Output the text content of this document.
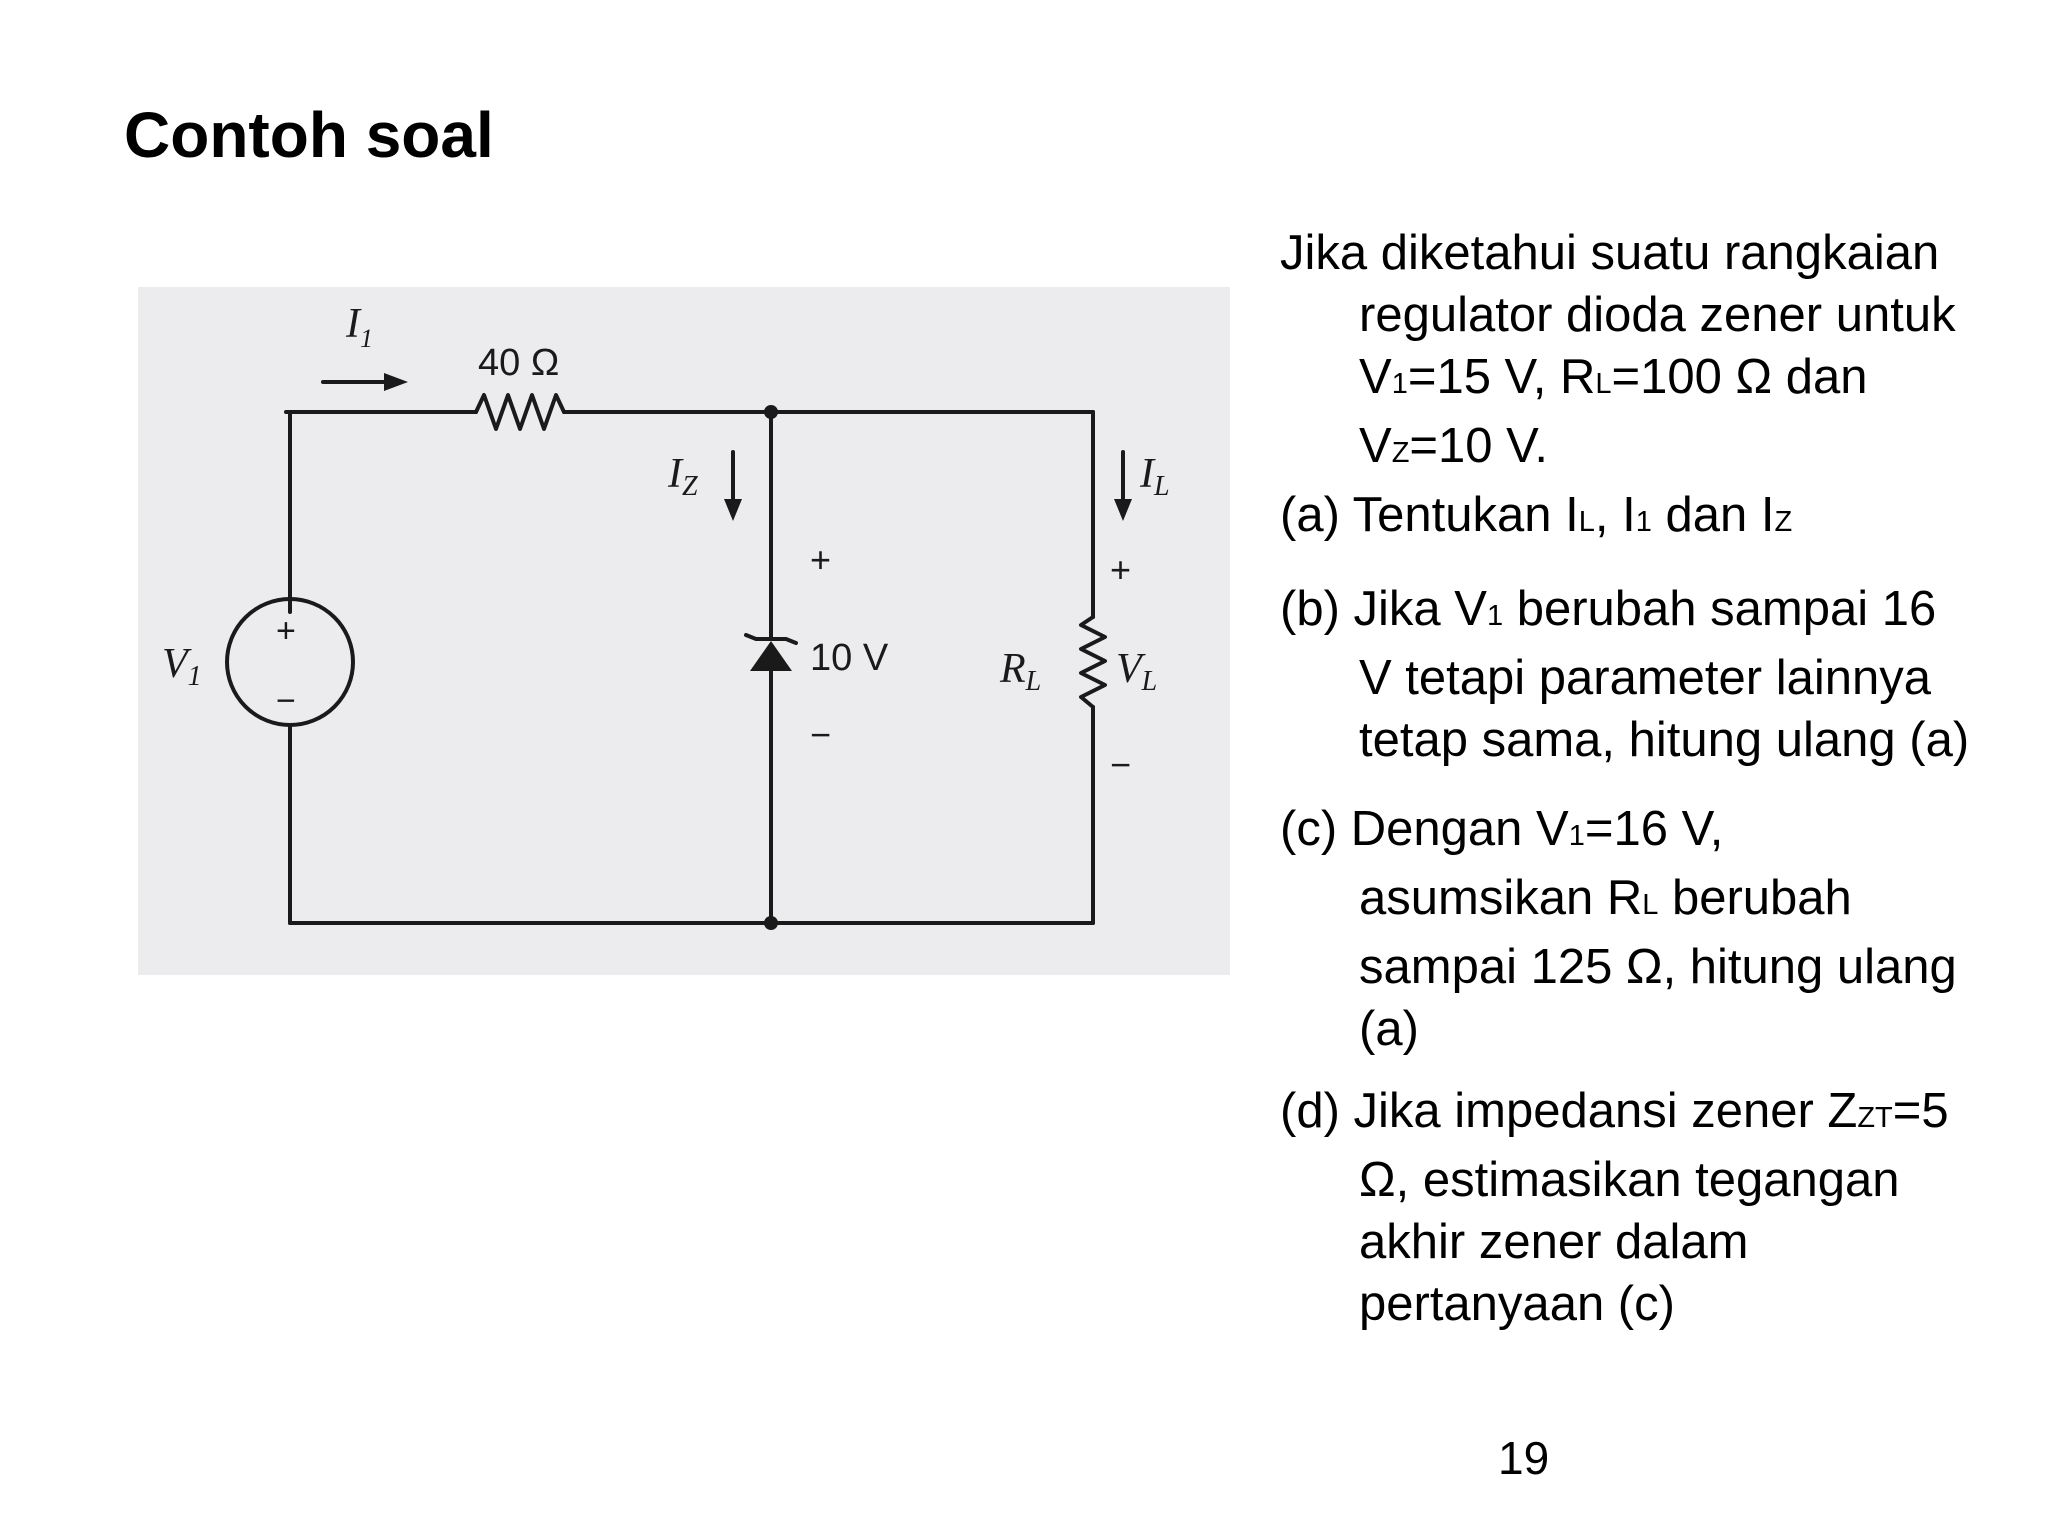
Contoh soal
$I_1$
40 Ω
IZ	IL
V1
+
−
+
10 V
−
RL VL
+
−
Jika diketahui suatu rangkaian
regulator dioda zener untuk
V1=15 V, RL=100 Ω dan
VZ=10 V.
(a) Tentukan IL, I1 dan IZ
(b) Jika V1 berubah sampai 16
V tetapi parameter lainnya
tetap sama, hitung ulang (a)
(c) Dengan V1=16 V,
asumsikan RL berubah
sampai 125 Ω, hitung ulang
(a)
(d) Jika impedansi zener ZZT=5
Ω, estimasikan tegangan
akhir zener dalam
pertanyaan (c)
19
